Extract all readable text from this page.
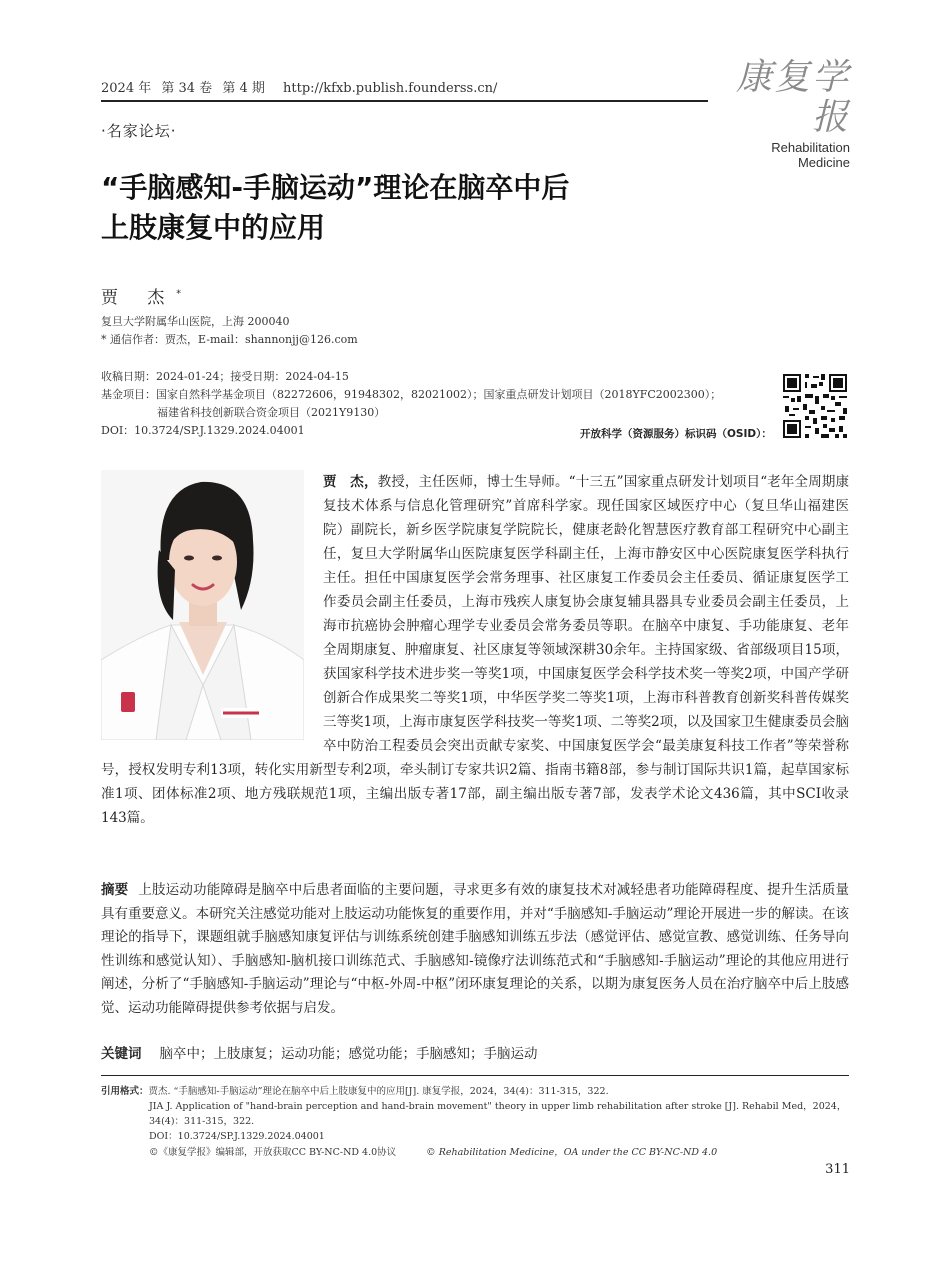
2024 年 第 34 卷 第 4 期 http://kfxb.publish.founderss.cn/	康复学报
Rehabilitation Medicine
·名家论坛·
“手脑感知-手脑运动”理论在脑卒中后
上肢康复中的应用
贾 杰*
复旦大学附属华山医院，上海 200040
* 通信作者：贾杰，E-mail：shannonjj@126.com
收稿日期：2024-01-24；接受日期：2024-04-15
基金项目：国家自然科学基金项目（82272606，91948302，82021002）；国家重点研发计划项目（2018YFC2002300）；
福建省科技创新联合资金项目（2021Y9130）
DOI：10.3724/SP.J.1329.2024.04001	开放科学（资源服务）标识码（OSID）：
贾　杰，教授，主任医师，博士生导师。“十三五”国家重点研发计划项目“老年全周期康复技术体系与信息化管理研究”首席科学家。现任国家区域医疗中心（复旦华山福建医院）副院长，新乡医学院康复学院院长，健康老龄化智慧医疗教育部工程研究中心副主任，复旦大学附属华山医院康复医学科副主任，上海市静安区中心医院康复医学科执行主任。担任中国康复医学会常务理事、社区康复工作委员会主任委员、循证康复医学工作委员会副主任委员，上海市残疾人康复协会康复辅具器具专业委员会副主任委员，上海市抗癌协会肿瘤心理学专业委员会常务委员等职。在脑卒中康复、手功能康复、老年全周期康复、肿瘤康复、社区康复等领域深耕30余年。主持国家级、省部级项目15项，获国家科学技术进步奖一等奖1项，中国康复医学会科学技术奖一等奖2项，中国产学研创新合作成果奖二等奖1项，中华医学奖二等奖1项，上海市科普教育创新奖科普传媒奖三等奖1项，上海市康复医学科技奖一等奖1项、二等奖2项，以及国家卫生健康委员会脑卒中防治工程委员会突出贡献专家奖、中国康复医学会“最美康复科技工作者”等荣誉称号，授权发明专利13项，转化实用新型专利2项，牵头制订专家共识2篇、指南书籍8部，参与制订国际共识1篇，起草国家标准1项、团体标准2项、地方残联规范1项，主编出版专著17部，副主编出版专著7部，发表学术论文436篇，其中SCI收录143篇。
摘要 上肢运动功能障碍是脑卒中后患者面临的主要问题，寻求更多有效的康复技术对减轻患者功能障碍程度、提升生活质量具有重要意义。本研究关注感觉功能对上肢运动功能恢复的重要作用，并对“手脑感知-手脑运动”理论开展进一步的解读。在该理论的指导下，课题组就手脑感知康复评估与训练系统创建手脑感知训练五步法（感觉评估、感觉宣教、感觉训练、任务导向性训练和感觉认知）、手脑感知-脑机接口训练范式、手脑感知-镜像疗法训练范式和“手脑感知-手脑运动”理论的其他应用进行阐述，分析了“手脑感知-手脑运动”理论与“中枢-外周-中枢”闭环康复理论的关系，以期为康复医务人员在治疗脑卒中后上肢感觉、运动功能障碍提供参考依据与启发。
关键词 脑卒中；上肢康复；运动功能；感觉功能；手脑感知；手脑运动
引用格式：贾杰. “手脑感知-手脑运动”理论在脑卒中后上肢康复中的应用[J]. 康复学报，2024，34(4)：311-315，322.
JIA J. Application of "hand-brain perception and hand-brain movement" theory in upper limb rehabilitation after stroke [J]. Rehabil Med，2024，34(4)：311-315，322.
DOI：10.3724/SP.J.1329.2024.04001
©《康复学报》编辑部，开放获取CC BY-NC-ND 4.0协议	© Rehabilitation Medicine，OA under the CC BY-NC-ND 4.0
311
